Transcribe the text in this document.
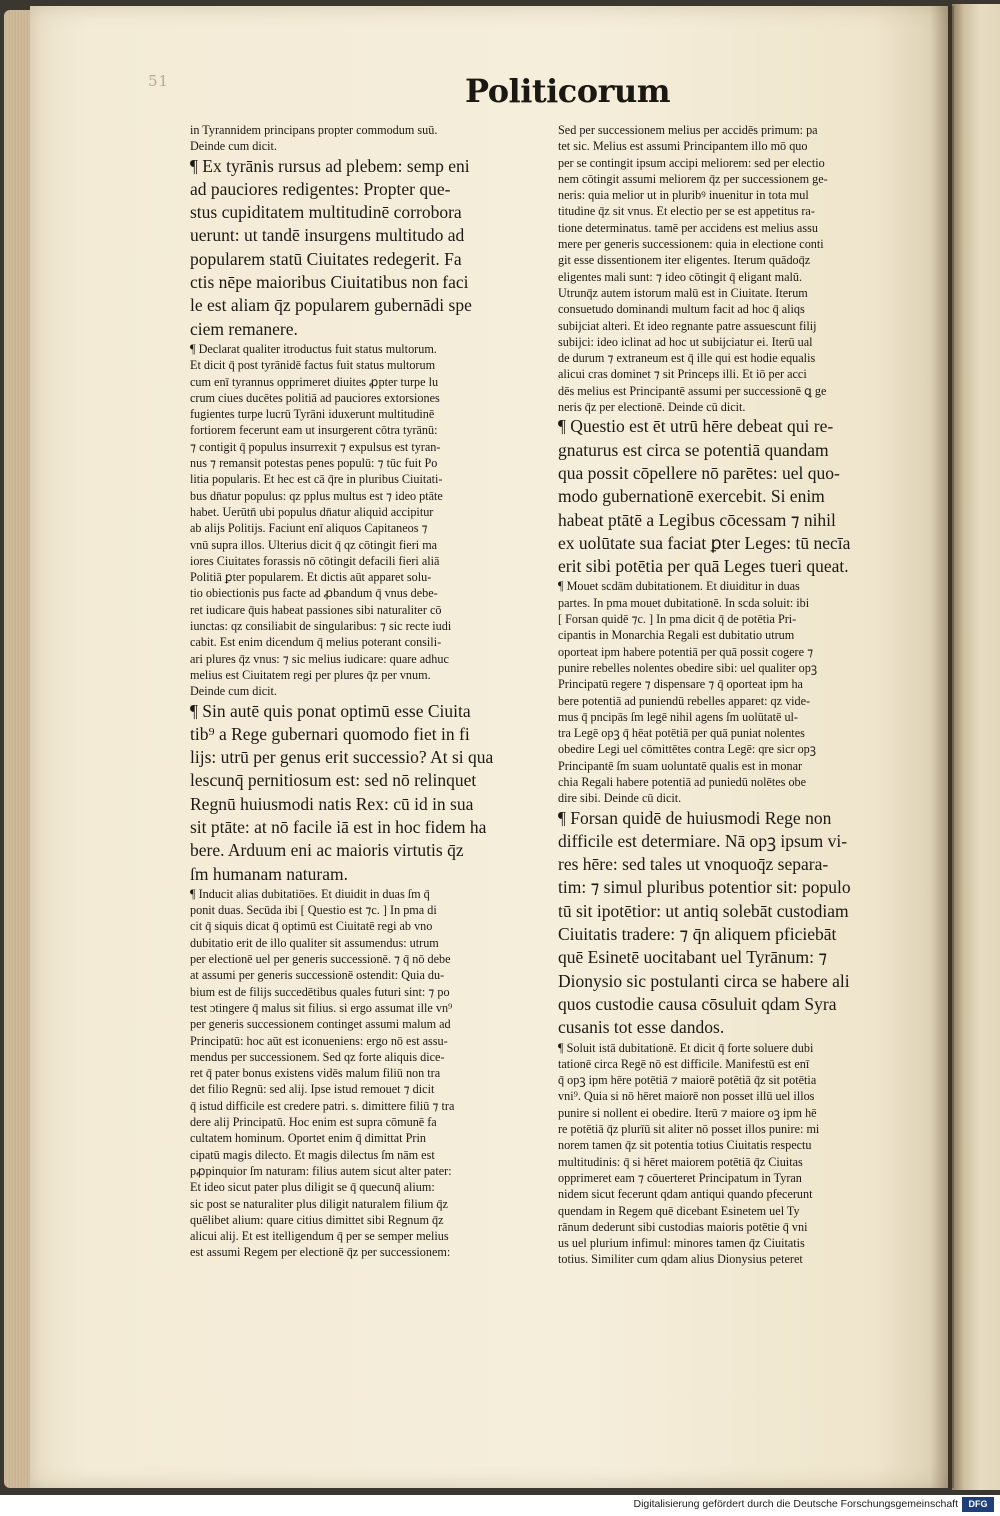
51	Politicorum

in Tyrannidem principans propter commodum suū.
Deinde cum dicit.

¶ Ex tyrānis rursus ad plebem: semp eni
ad pauciores redigentes: Propter que-
stus cupiditatem multitudinē corrobora
uerunt: ut tandē insurgens multitudo ad
popularem statū Ciuitates redegerit. Fa
ctis nēpe maioribus Ciuitatibus non faci
le est aliam q̄z popularem gubernādi spe
ciem remanere.

¶ Declarat qualiter itroductus fuit status multorum.
Et dicit q̄ post tyrānidē factus fuit status multorum
cum enī tyrannus opprimeret diuites ꝓpter turpe lu
crum ciues ducētes politiā ad pauciores extorsiones
fugientes turpe lucrū Tyrāni iduxerunt multitudinē
fortiorem fecerunt eam ut insurgerent cōtra tyrānū:
⁊ contigit q̄ populus insurrexit ⁊ expulsus est tyran-
nus ⁊ remansit potestas penes populū: ⁊ tūc fuit Po
litia popularis. Et hec est cā q̄re in pluribus Ciuitati-
bus dn̄atur populus: qz pplus multus est ⁊ ideo ptāte
habet. Uerūtn̄ ubi populus dn̄atur aliquid accipitur
ab alijs Politijs. Faciunt enī aliquos Capitaneos ⁊
vnū supra illos. Ulterius dicit q̄ qz cōtingit fieri ma
iores Ciuitates forassis nō cōtingit defacili fieri aliā
Politiā ꝑter popularem. Et dictis aūt apparet solu-
tio obiectionis pus facte ad ꝓbandum q̄ vnus debe-
ret iudicare q̄uis habeat passiones sibi naturaliter cō
iunctas: qz consiliabit de singularibus: ⁊ sic recte iudi
cabit. Est enim dicendum q̄ melius poterant consili-
ari plures q̄z vnus: ⁊ sic melius iudicare: quare adhuc
melius est Ciuitatem regi per plures q̄z per vnum.
Deinde cum dicit.

¶ Sin autē quis ponat optimū esse Ciuita
tib⁹ a Rege gubernari quomodo fiet in fi
lijs: utrū per genus erit successio? At si qua
lescunq̄ pernitiosum est: sed nō relinquet
Regnū huiusmodi natis Rex: cū id in sua
sit ptāte: at nō facile iā est in hoc fidem ha
bere. Arduum eni ac maioris virtutis q̄z
ſm humanam naturam.

¶ Inducit alias dubitatiōes. Et diuidit in duas ſm q̄
ponit duas. Secūda ibi [ Questio est ⁊c. ] In pma di
cit q̄ siquis dicat q̄ optimū est Ciuitatē regi ab vno
dubitatio erit de illo qualiter sit assumendus: utrum
per electionē uel per generis successionē. ⁊ q̄ nō debe
at assumi per generis successionē ostendit: Quia du-
bium est de filijs succedētibus quales futuri sint: ⁊ po
test ɔtingere q̄ malus sit filius. si ergo assumat ille vn⁹
per generis successionem continget assumi malum ad
Principatū: hoc aūt est iconueniens: ergo nō est assu-
mendus per successionem. Sed qz forte aliquis dice-
ret q̄ pater bonus existens vidēs malum filiū non tra
det filio Regnū: sed alij. Ipse istud remouet ⁊ dicit
q̄ istud difficile est credere patri. s. dimittere filiū ⁊ tra
dere alij Principatū. Hoc enim est supra cōmunē fa
cultatem hominum. Oportet enim q̄ dimittat Prin
cipatū magis dilecto. Et magis dilectus ſm nām est
pꝓpinquior ſm naturam: filius autem sicut alter pater:
Et ideo sicut pater plus diligit se q̄ quecunq̄ alium:
sic post se naturaliter plus diligit naturalem filium q̄z
quēlibet alium: quare citius dimittet sibi Regnum q̄z
alicui alij. Et est itelligendum q̄ per se semper melius
est assumi Regem per electionē q̄z per successionem:

Sed per successionem melius per accidēs primum: pa
tet sic. Melius est assumi Principantem illo mō quo
per se contingit ipsum accipi meliorem: sed per electio
nem cōtingit assumi meliorem q̄z per successionem ge-
neris: quia melior ut in pluribꝰ inuenitur in tota mul
titudine q̄z sit vnus. Et electio per se est appetitus ra-
tione determinatus. tamē per accidens est melius assu
mere per generis successionem: quia in electione conti
git esse dissentionem iter eligentes. Iterum quādoq̄z
eligentes mali sunt: ⁊ ideo cōtingit q̄ eligant malū.
Utrunq̄z autem istorum malū est in Ciuitate. Iterum
consuetudo dominandi multum facit ad hoc q̄ aliqs
subijciat alteri. Et ideo regnante patre assuescunt filij
subijci: ideo iclinat ad hoc ut subijciatur ei. Iterū ual
de durum ⁊ extraneum est q̄ ille qui est hodie equalis
alicui cras dominet ⁊ sit Princeps illi. Et iō per acci
dēs melius est Principantē assumi per successionē ꝗ ge
neris q̄z per electionē. Deinde cū dicit.

¶ Questio est ēt utrū hēre debeat qui re-
gnaturus est circa se potentiā quandam
qua possit cōpellere nō parētes: uel quo-
modo gubernationē exercebit. Si enim
habeat ptātē a Legibus cōcessam ⁊ nihil
ex uolūtate sua faciat ꝑter Leges: tū necīa
erit sibi potētia per quā Leges tueri queat.

¶ Mouet scdām dubitationem. Et diuiditur in duas
partes. In pma mouet dubitationē. In scda soluit: ibi
[ Forsan quidē ⁊c. ] In pma dicit q̄ de potētia Pri-
cipantis in Monarchia Regali est dubitatio utrum
oporteat ipm habere potentiā per quā possit cogere ⁊
punire rebelles nolentes obedire sibi: uel qualiter opꝫ
Principatū regere ⁊ dispensare ⁊ q̄ oporteat ipm ha
bere potentiā ad puniendū rebelles apparet: qz vide-
mus q̄ pncipās ſm legē nihil agens ſm uolūtatē ul-
tra Legē opꝫ q̄ hēat potētiā per quā puniat nolentes
obedire Legi uel cōmittētes contra Legē: qre sicr opꝫ
Principantē ſm suam uoluntatē qualis est in monar
chia Regali habere potentiā ad puniedū nolētes obe
dire sibi. Deinde cū dicit.

¶ Forsan quidē de huiusmodi Rege non
difficile est determiare. Nā opꝫ ipsum vi-
res hēre: sed tales ut vnoquoq̄z separa-
tim: ⁊ simul pluribus potentior sit: populo
tū sit ipotētior: ut antiq solebāt custodiam
Ciuitatis tradere: ⁊ q̄n aliquem pficiebāt
quē Esinetē uocitabant uel Tyrānum: ⁊
Dionysio sic postulanti circa se habere ali
quos custodie causa cōsuluit qdam Syra
cusanis tot esse dandos.

¶ Soluit istā dubitationē. Et dicit q̄ forte soluere dubi
tationē circa Regē nō est difficile. Manifestū est enī
q̄ opꝫ ipm hēre potētiā ⁊ maiorē potētiā q̄z sit potētia
vni⁹. Quia si nō hēret maiorē non posset illū uel illos
punire si nollent ei obedire. Iterū ⁊ maiore oꝫ ipm hē
re potētiā q̄z plurīū sit aliter nō posset illos punire: mi
norem tamen q̄z sit potentia totius Ciuitatis respectu
multitudinis: q̄ si hēret maiorem potētiā q̄z Ciuitas
opprimeret eam ⁊ cōuerteret Principatum in Tyran
nidem sicut fecerunt qdam antiqui quando pfecerunt
quendam in Regem quē dicebant Esinetem uel Ty
rānum dederunt sibi custodias maioris potētie q̄ vni
us uel plurium infimul: minores tamen q̄z Ciuitatis
totius. Similiter cum qdam alius Dionysius peteret

Digitalisierung gefördert durch die Deutsche Forschungsgemeinschaft	DFG
